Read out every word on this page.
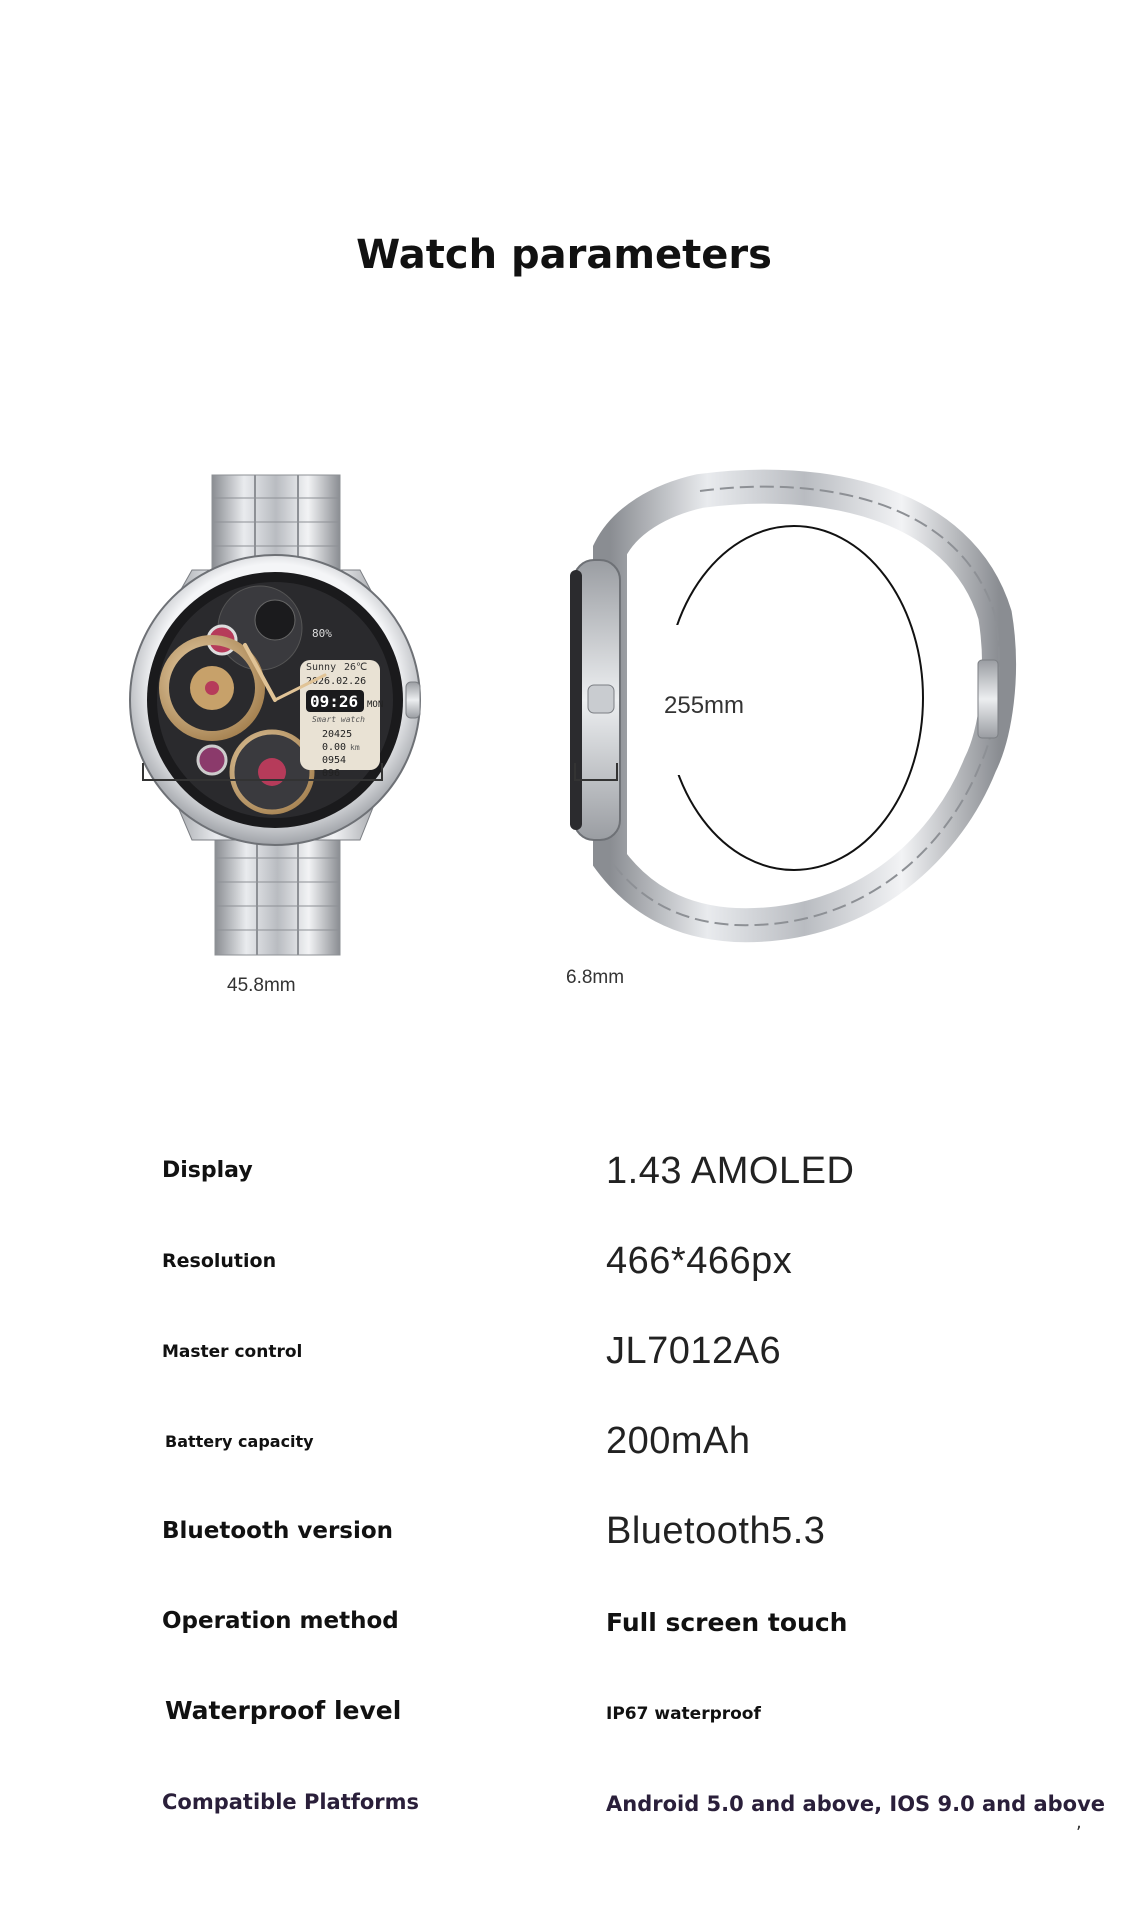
Watch parameters
80%
Sunny 26℃
2026.02.26
09:26 MON
Smart watch
20425
0.00 km
0954
096
45.8mm	6.8mm
255mm
Display	1.43 AMOLED
Resolution	466*466px
Master control	JL7012A6
Battery capacity	200mAh
Bluetooth version	Bluetooth5.3
Operation method	Full screen touch
Waterproof level	IP67 waterproof
Compatible Platforms	Android 5.0 and above, IOS 9.0 and above
,
